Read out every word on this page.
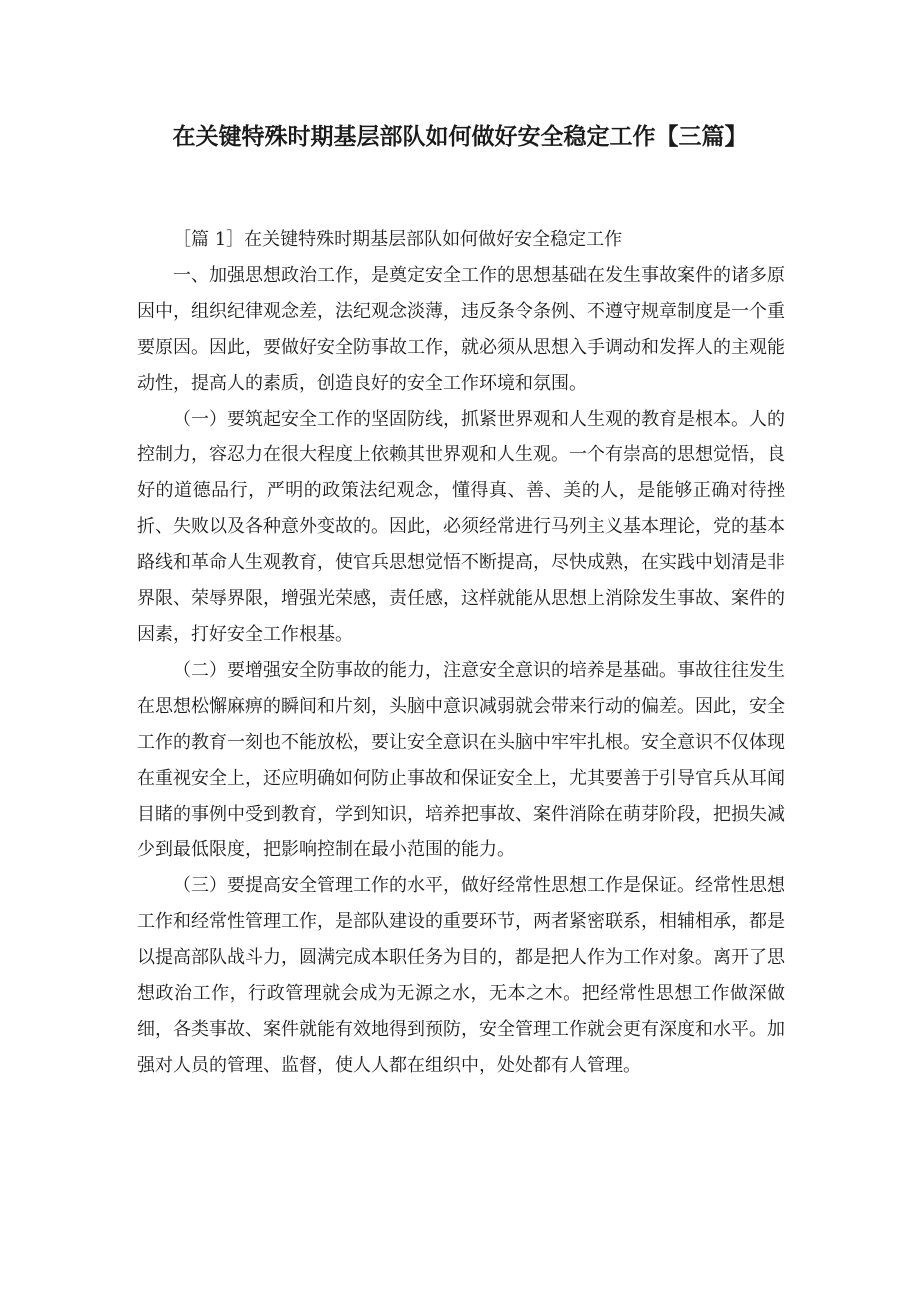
在关键特殊时期基层部队如何做好安全稳定工作【三篇】

［篇 1］在关键特殊时期基层部队如何做好安全稳定工作

一、加强思想政治工作，是奠定安全工作的思想基础在发生事故案件的诸多原因中，组织纪律观念差，法纪观念淡薄，违反条令条例、不遵守规章制度是一个重要原因。因此，要做好安全防事故工作，就必须从思想入手调动和发挥人的主观能动性，提高人的素质，创造良好的安全工作环境和氛围。

（一）要筑起安全工作的坚固防线，抓紧世界观和人生观的教育是根本。人的控制力，容忍力在很大程度上依赖其世界观和人生观。一个有崇高的思想觉悟，良好的道德品行，严明的政策法纪观念，懂得真、善、美的人，是能够正确对待挫折、失败以及各种意外变故的。因此，必须经常进行马列主义基本理论，党的基本路线和革命人生观教育，使官兵思想觉悟不断提高，尽快成熟，在实践中划清是非界限、荣辱界限，增强光荣感，责任感，这样就能从思想上消除发生事故、案件的因素，打好安全工作根基。

（二）要增强安全防事故的能力，注意安全意识的培养是基础。事故往往发生在思想松懈麻痹的瞬间和片刻，头脑中意识减弱就会带来行动的偏差。因此，安全工作的教育一刻也不能放松，要让安全意识在头脑中牢牢扎根。安全意识不仅体现在重视安全上，还应明确如何防止事故和保证安全上，尤其要善于引导官兵从耳闻目睹的事例中受到教育，学到知识，培养把事故、案件消除在萌芽阶段，把损失减少到最低限度，把影响控制在最小范围的能力。

（三）要提高安全管理工作的水平，做好经常性思想工作是保证。经常性思想工作和经常性管理工作，是部队建设的重要环节，两者紧密联系，相辅相承，都是以提高部队战斗力，圆满完成本职任务为目的，都是把人作为工作对象。离开了思想政治工作，行政管理就会成为无源之水，无本之木。把经常性思想工作做深做细，各类事故、案件就能有效地得到预防，安全管理工作就会更有深度和水平。加强对人员的管理、监督，使人人都在组织中，处处都有人管理。
